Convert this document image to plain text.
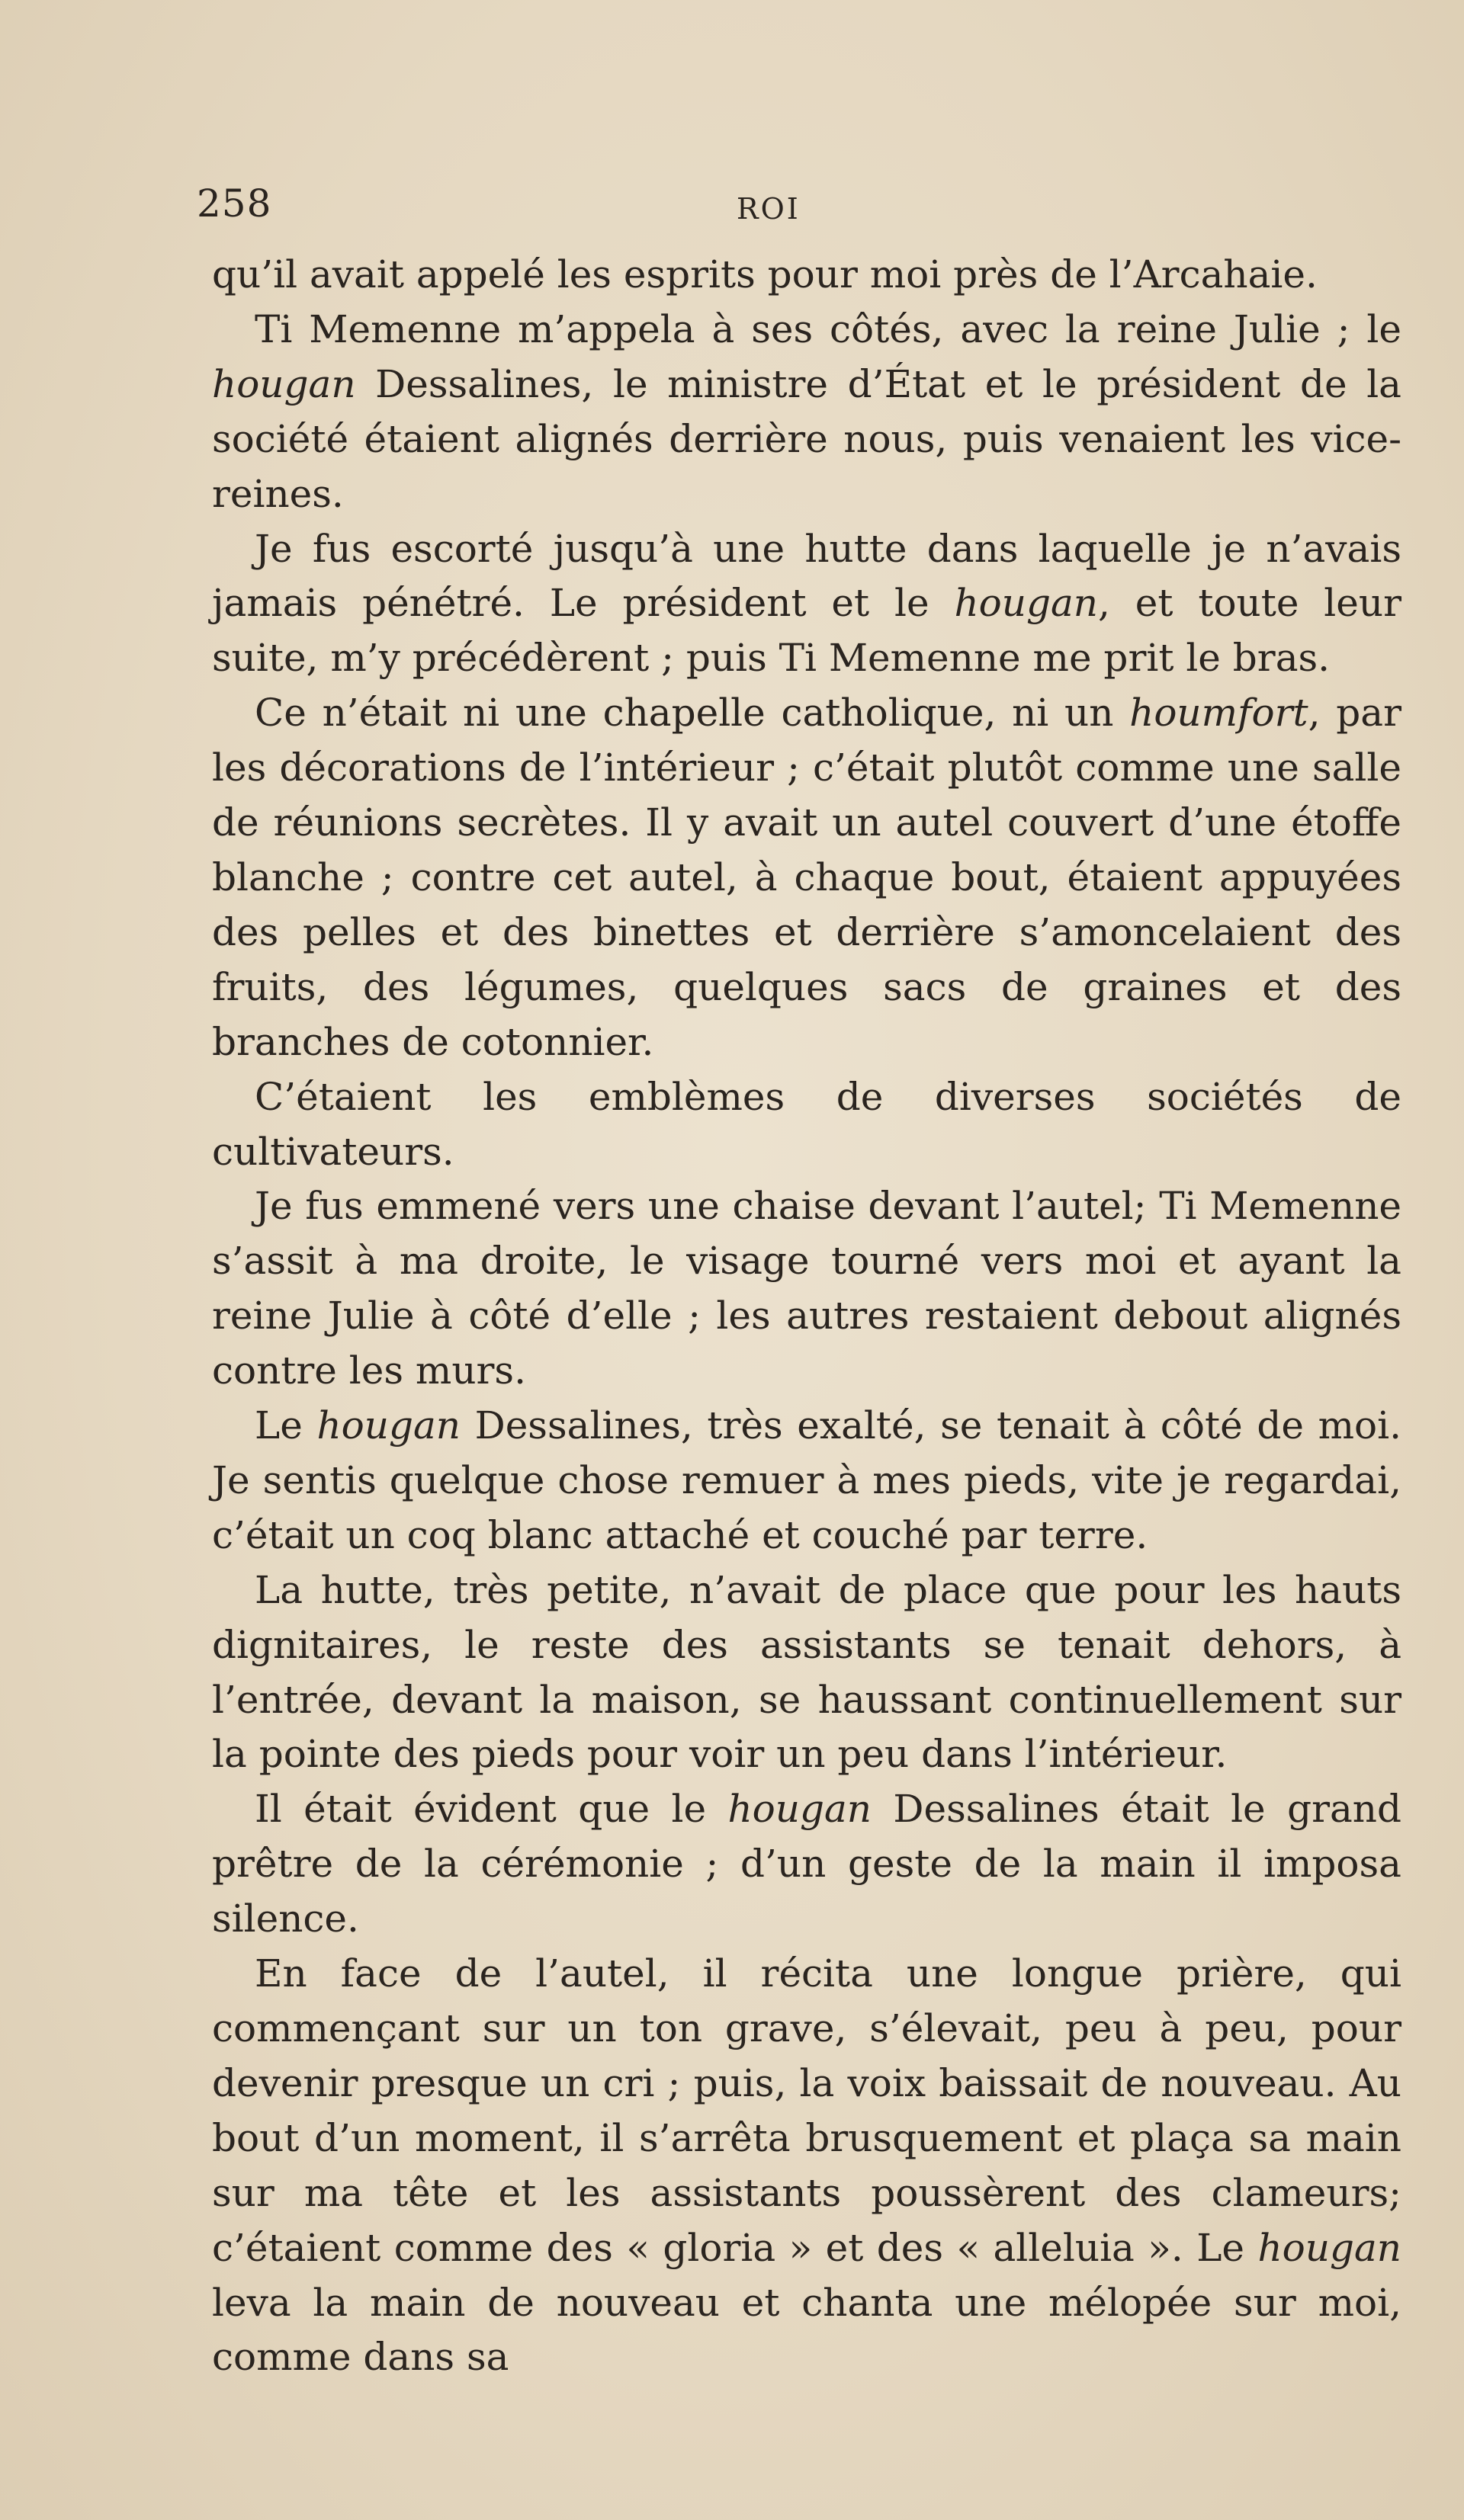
258	ROI

qu’il avait appelé les esprits pour moi près de l’Arcahaie.

Ti Memenne m’appela à ses côtés, avec la reine Julie ; le hougan Dessalines, le ministre d’État et le président de la société étaient alignés derrière nous, puis venaient les vice-reines.

Je fus escorté jusqu’à une hutte dans laquelle je n’avais jamais pénétré. Le président et le hougan, et toute leur suite, m’y précédèrent ; puis Ti Memenne me prit le bras.

Ce n’était ni une chapelle catholique, ni un houmfort, par les décorations de l’intérieur ; c’était plutôt comme une salle de réunions secrètes. Il y avait un autel couvert d’une étoffe blanche ; contre cet autel, à chaque bout, étaient appuyées des pelles et des binettes et derrière s’amoncelaient des fruits, des légumes, quelques sacs de graines et des branches de cotonnier.

C’étaient les emblèmes de diverses sociétés de cultivateurs.

Je fus emmené vers une chaise devant l’autel; Ti Memenne s’assit à ma droite, le visage tourné vers moi et ayant la reine Julie à côté d’elle ; les autres restaient debout alignés contre les murs.

Le hougan Dessalines, très exalté, se tenait à côté de moi. Je sentis quelque chose remuer à mes pieds, vite je regardai, c’était un coq blanc attaché et couché par terre.

La hutte, très petite, n’avait de place que pour les hauts dignitaires, le reste des assistants se tenait dehors, à l’entrée, devant la maison, se haussant continuellement sur la pointe des pieds pour voir un peu dans l’intérieur.

Il était évident que le hougan Dessalines était le grand prêtre de la cérémonie ; d’un geste de la main il imposa silence.

En face de l’autel, il récita une longue prière, qui commençant sur un ton grave, s’élevait, peu à peu, pour devenir presque un cri ; puis, la voix baissait de nouveau. Au bout d’un moment, il s’arrêta brusquement et plaça sa main sur ma tête et les assistants poussèrent des clameurs; c’étaient comme des « gloria » et des « alleluia ». Le hougan leva la main de nouveau et chanta une mélopée sur moi, comme dans sa
